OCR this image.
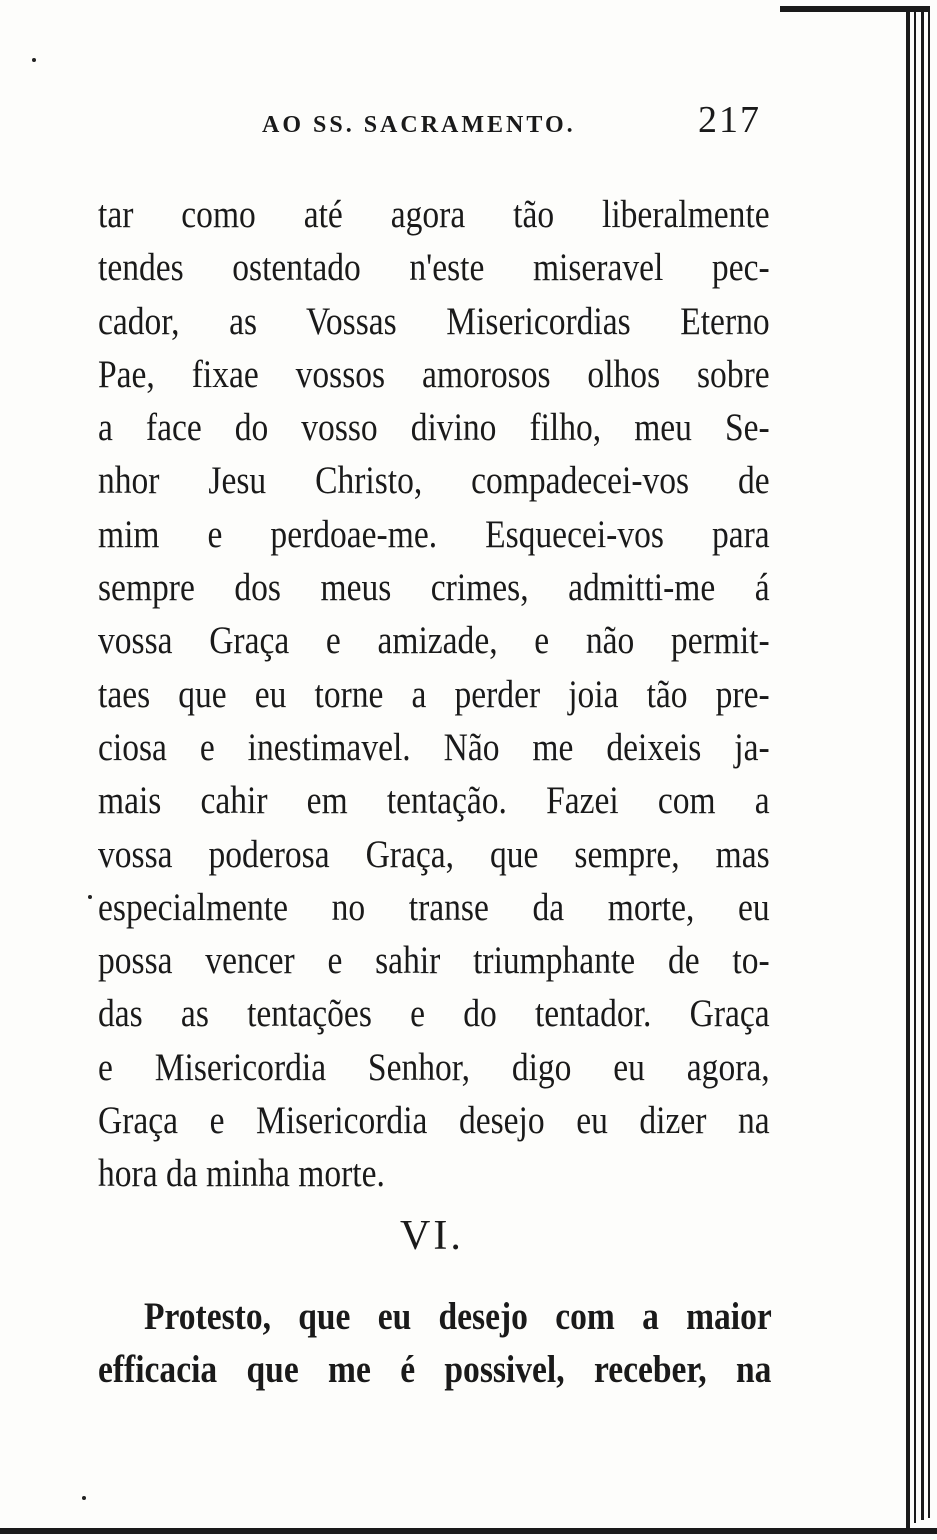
AO SS. SACRAMENTO.	217
tar como até agora tão liberalmente
tendes ostentado n'este miseravel pec-
cador, as Vossas Misericordias Eterno
Pae, fixae vossos amorosos olhos sobre
a face do vosso divino filho, meu Se-
nhor Jesu Christo, compadecei-vos de
mim e perdoae-me. Esquecei-vos para
sempre dos meus crimes, admitti-me á
vossa Graça e amizade, e não permit-
taes que eu torne a perder joia tão pre-
ciosa e inestimavel. Não me deixeis ja-
mais cahir em tentação. Fazei com a
vossa poderosa Graça, que sempre, mas
especialmente no transe da morte, eu
possa vencer e sahir triumphante de to-
das as tentações e do tentador. Graça
e Misericordia Senhor, digo eu agora,
Graça e Misericordia desejo eu dizer na
hora da minha morte.
VI.
Protesto, que eu desejo com a maior
efficacia que me é possivel, receber, na
